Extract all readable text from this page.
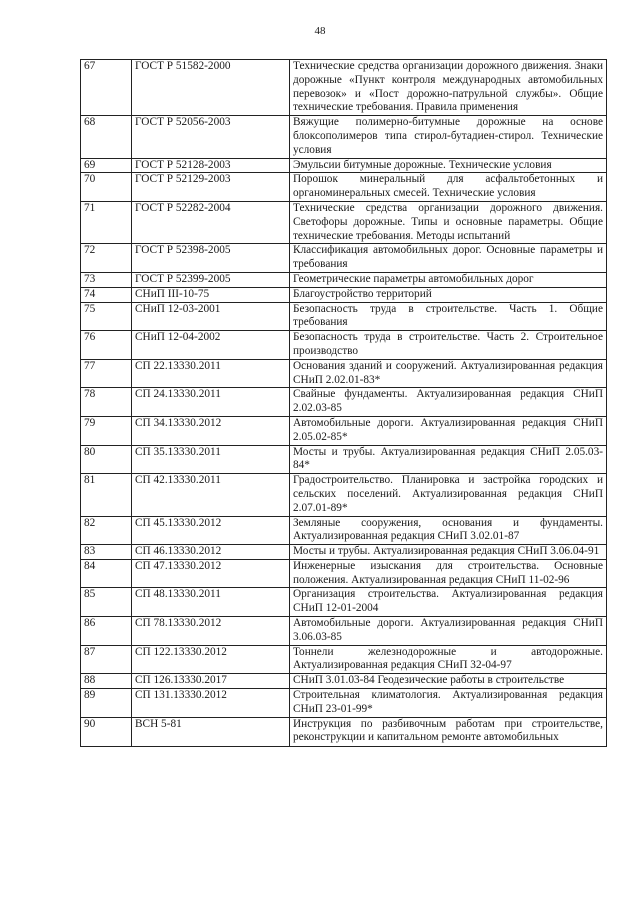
48
67	ГОСТ Р 51582-2000	Технические средства организации дорожного движения. Знаки дорожные «Пункт контроля международных автомобильных перевозок» и «Пост дорожно-патрульной службы». Общие технические требования. Правила применения

68	ГОСТ Р 52056-2003	Вяжущие полимерно-битумные дорожные на основе блоксополимеров типа стирол-бутадиен-стирол. Технические условия

69	ГОСТ Р 52128-2003	Эмульсии битумные дорожные. Технические условия

70	ГОСТ Р 52129-2003	Порошок минеральный для асфальтобетонных и органоминеральных смесей. Технические условия

71	ГОСТ Р 52282-2004	Технические средства организации дорожного движения. Светофоры дорожные. Типы и основные параметры. Общие технические требования. Методы испытаний

72	ГОСТ Р 52398-2005	Классификация автомобильных дорог. Основные параметры и требования

73	ГОСТ Р 52399-2005	Геометрические параметры автомобильных дорог

74	СНиП III-10-75	Благоустройство территорий

75	СНиП 12-03-2001	Безопасность труда в строительстве. Часть 1. Общие требования

76	СНиП 12-04-2002	Безопасность труда в строительстве. Часть 2. Строительное производство

77	СП 22.13330.2011	Основания зданий и сооружений. Актуализированная редакция СНиП 2.02.01-83*

78	СП 24.13330.2011	Свайные фундаменты. Актуализированная редакция СНиП 2.02.03-85

79	СП 34.13330.2012	Автомобильные дороги. Актуализированная редакция СНиП 2.05.02-85*

80	СП 35.13330.2011	Мосты и трубы. Актуализированная редакция СНиП 2.05.03-84*

81	СП 42.13330.2011	Градостроительство. Планировка и застройка городских и сельских поселений. Актуализированная редакция СНиП 2.07.01-89*

82	СП 45.13330.2012	Земляные сооружения, основания и фундаменты. Актуализированная редакция СНиП 3.02.01-87

83	СП 46.13330.2012	Мосты и трубы. Актуализированная редакция СНиП 3.06.04-91

84	СП 47.13330.2012	Инженерные изыскания для строительства. Основные положения. Актуализированная редакция СНиП 11-02-96

85	СП 48.13330.2011	Организация строительства. Актуализированная редакция СНиП 12-01-2004

86	СП 78.13330.2012	Автомобильные дороги. Актуализированная редакция СНиП 3.06.03-85

87	СП 122.13330.2012	Тоннели железнодорожные и автодорожные. Актуализированная редакция СНиП 32-04-97

88	СП 126.13330.2017	СНиП 3.01.03-84 Геодезические работы в строительстве

89	СП 131.13330.2012	Строительная климатология. Актуализированная редакция СНиП 23-01-99*

90	ВСН 5-81	Инструкция по разбивочным работам при строительстве, реконструкции и капитальном ремонте автомобильных
